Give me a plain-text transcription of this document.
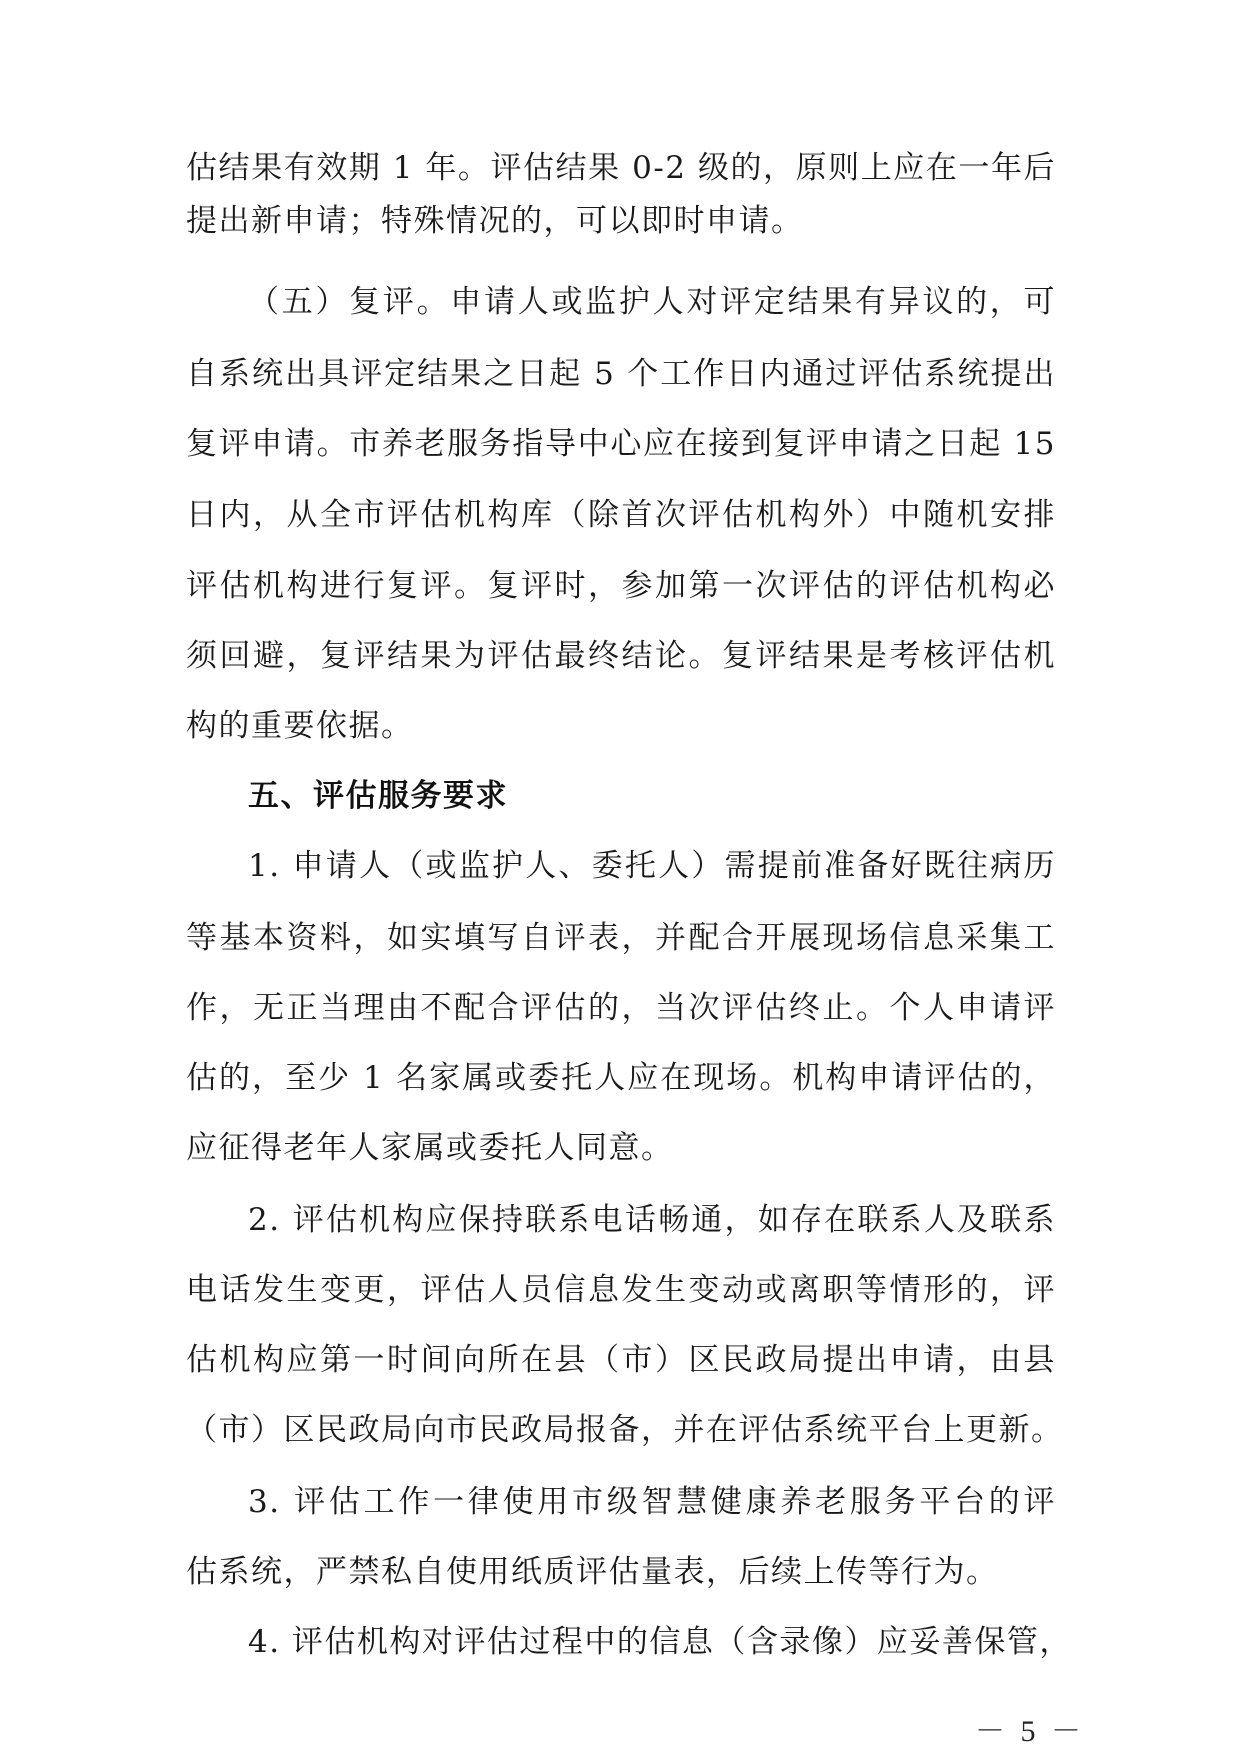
估结果有效期 1 年。评估结果 0-2 级的，原则上应在一年后
提出新申请；特殊情况的，可以即时申请。
（五）复评。申请人或监护人对评定结果有异议的，可
自系统出具评定结果之日起 5 个工作日内通过评估系统提出
复评申请。市养老服务指导中心应在接到复评申请之日起 15
日内，从全市评估机构库（除首次评估机构外）中随机安排
评估机构进行复评。复评时，参加第一次评估的评估机构必
须回避，复评结果为评估最终结论。复评结果是考核评估机
构的重要依据。
五、评估服务要求
1. 申请人（或监护人、委托人）需提前准备好既往病历
等基本资料，如实填写自评表，并配合开展现场信息采集工
作，无正当理由不配合评估的，当次评估终止。个人申请评
估的，至少 1 名家属或委托人应在现场。机构申请评估的，
应征得老年人家属或委托人同意。
2. 评估机构应保持联系电话畅通，如存在联系人及联系
电话发生变更，评估人员信息发生变动或离职等情形的，评
估机构应第一时间向所在县（市）区民政局提出申请，由县
（市）区民政局向市民政局报备，并在评估系统平台上更新。
3. 评估工作一律使用市级智慧健康养老服务平台的评
估系统，严禁私自使用纸质评估量表，后续上传等行为。
4. 评估机构对评估过程中的信息（含录像）应妥善保管，
－ 5 －
